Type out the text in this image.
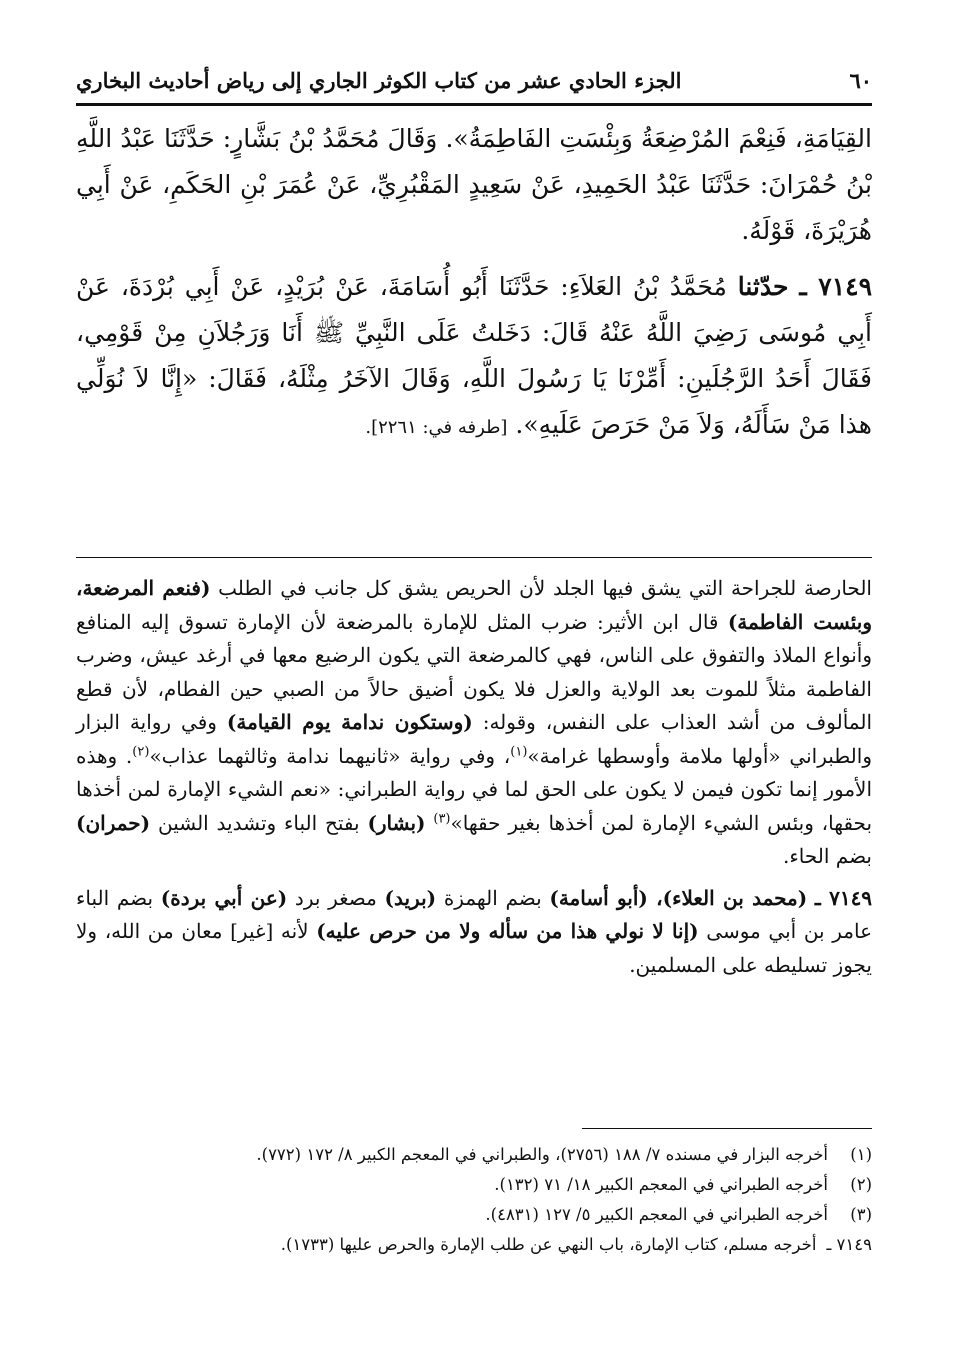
٦٠
الجزء الحادي عشر من كتاب الكوثر الجاري إلى رياض أحاديث البخاري

القِيَامَةِ، فَنِعْمَ المُرْضِعَةُ وَبِئْسَتِ الفَاطِمَةُ». وَقَالَ مُحَمَّدُ بْنُ بَشَّارٍ: حَدَّثَنَا عَبْدُ اللَّهِ بْنُ حُمْرَانَ: حَدَّثَنَا عَبْدُ الحَمِيدِ، عَنْ سَعِيدٍ المَقْبُرِيِّ، عَنْ عُمَرَ بْنِ الحَكَمِ، عَنْ أَبِي هُرَيْرَةَ، قَوْلَهُ.

٧١٤٩ ـ حدّثنا مُحَمَّدُ بْنُ العَلاَءِ: حَدَّثَنَا أَبُو أُسَامَةَ، عَنْ بُرَيْدٍ، عَنْ أَبِي بُرْدَةَ، عَنْ أَبِي مُوسَى رَضِيَ اللَّهُ عَنْهُ قَالَ: دَخَلتُ عَلَى النَّبِيِّ ﷺ أَنَا وَرَجُلاَنِ مِنْ قَوْمِي، فَقَالَ أَحَدُ الرَّجُلَينِ: أَمِّرْنَا يَا رَسُولَ اللَّهِ، وَقَالَ الآخَرُ مِثْلَهُ، فَقَالَ: «إِنَّا لاَ نُوَلِّي هذا مَنْ سَأَلَهُ، وَلاَ مَنْ حَرَصَ عَلَيهِ». [طرفه في: ٢٢٦١].

الحارصة للجراحة التي يشق فيها الجلد لأن الحريص يشق كل جانب في الطلب (فنعم المرضعة، وبئست الفاطمة) قال ابن الأثير: ضرب المثل للإمارة بالمرضعة لأن الإمارة تسوق إليه المنافع وأنواع الملاذ والتفوق على الناس، فهي كالمرضعة التي يكون الرضيع معها في أرغد عيش، وضرب الفاطمة مثلاً للموت بعد الولاية والعزل فلا يكون أضيق حالاً من الصبي حين الفطام، لأن قطع المألوف من أشد العذاب على النفس، وقوله: (وستكون ندامة يوم القيامة) وفي رواية البزار والطبراني «أولها ملامة وأوسطها غرامة»$^{(١)}$، وفي رواية «ثانيهما ندامة وثالثهما عذاب»$^{(٢)}$. وهذه الأمور إنما تكون فيمن لا يكون على الحق لما في رواية الطبراني: «نعم الشيء الإمارة لمن أخذها بحقها، وبئس الشيء الإمارة لمن أخذها بغير حقها»$^{(٣)}$ (بشار) بفتح الباء وتشديد الشين (حمران) بضم الحاء.

٧١٤٩ ـ (محمد بن العلاء)، (أبو أسامة) بضم الهمزة (بريد) مصغر برد (عن أبي بردة) بضم الباء عامر بن أبي موسى (إنا لا نولي هذا من سأله ولا من حرص عليه) لأنه [غير] معان من الله، ولا يجوز تسليطه على المسلمين.

(١)
أخرجه البزار في مسنده ٧/ ١٨٨ (٢٧٥٦)، والطبراني في المعجم الكبير ٨/ ١٧٢ (٧٧٢).
(٢)
أخرجه الطبراني في المعجم الكبير ١٨/ ٧١ (١٣٢).
(٣)
أخرجه الطبراني في المعجم الكبير ٥/ ١٢٧ (٤٨٣١).
٧١٤٩ ـ
أخرجه مسلم، كتاب الإمارة، باب النهي عن طلب الإمارة والحرص عليها (١٧٣٣).
